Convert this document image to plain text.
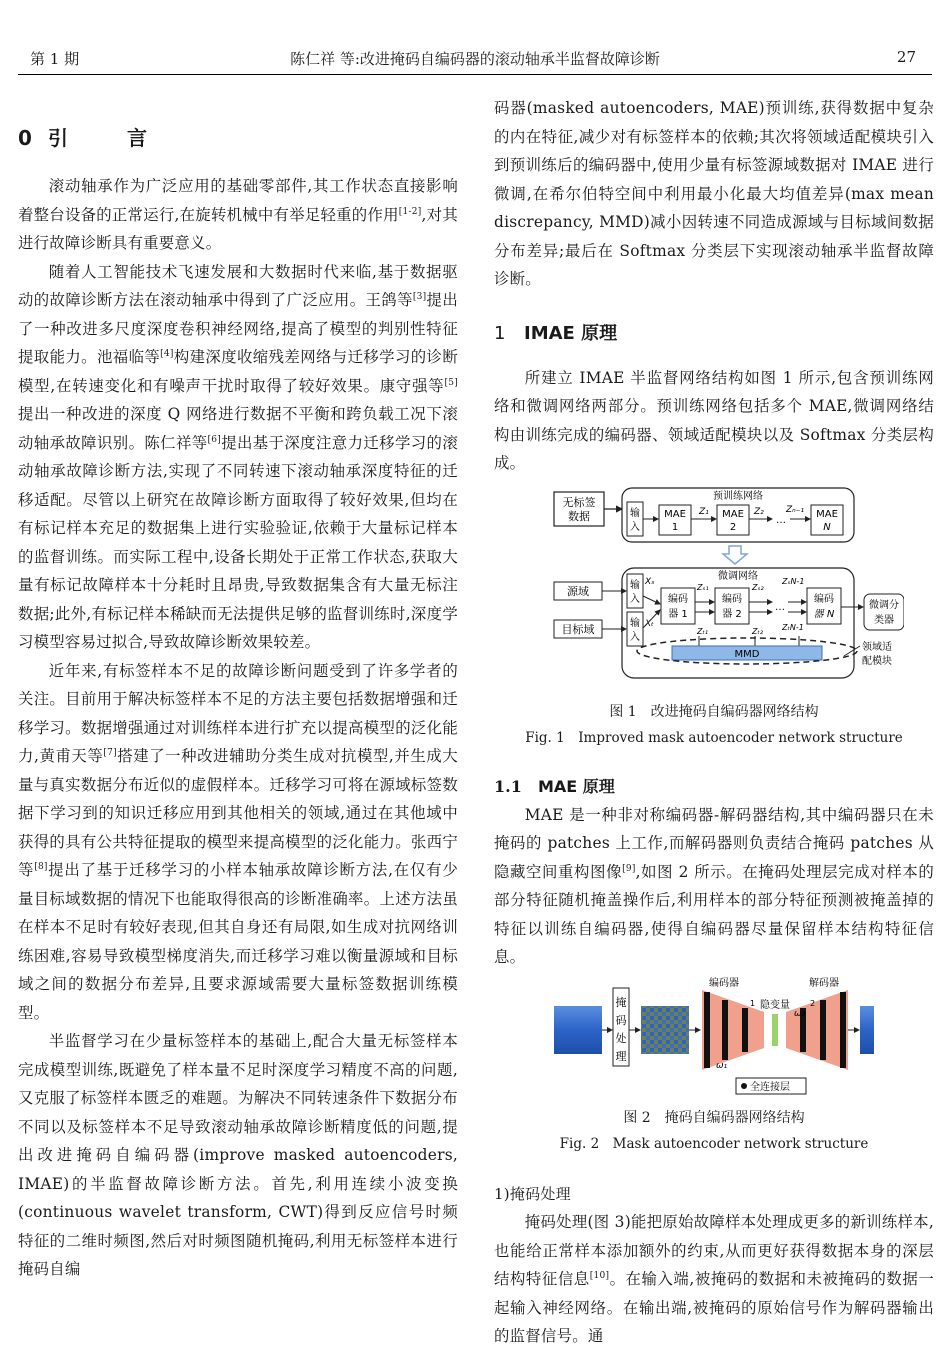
第 1 期	陈仁祥 等:改进掩码自编码器的滚动轴承半监督故障诊断	27
0 引 言

滚动轴承作为广泛应用的基础零部件,其工作状态直接影响着整台设备的正常运行,在旋转机械中有举足轻重的作用[1-2],对其进行故障诊断具有重要意义。

随着人工智能技术飞速发展和大数据时代来临,基于数据驱动的故障诊断方法在滚动轴承中得到了广泛应用。王鸽等[3]提出了一种改进多尺度深度卷积神经网络,提高了模型的判别性特征提取能力。池福临等[4]构建深度收缩残差网络与迁移学习的诊断模型,在转速变化和有噪声干扰时取得了较好效果。康守强等[5]提出一种改进的深度 Q 网络进行数据不平衡和跨负载工况下滚动轴承故障识别。陈仁祥等[6]提出基于深度注意力迁移学习的滚动轴承故障诊断方法,实现了不同转速下滚动轴承深度特征的迁移适配。尽管以上研究在故障诊断方面取得了较好效果,但均在有标记样本充足的数据集上进行实验验证,依赖于大量标记样本的监督训练。而实际工程中,设备长期处于正常工作状态,获取大量有标记故障样本十分耗时且昂贵,导致数据集含有大量无标注数据;此外,有标记样本稀缺而无法提供足够的监督训练时,深度学习模型容易过拟合,导致故障诊断效果较差。

近年来,有标签样本不足的故障诊断问题受到了许多学者的关注。目前用于解决标签样本不足的方法主要包括数据增强和迁移学习。数据增强通过对训练样本进行扩充以提高模型的泛化能力,黄甫天等[7]搭建了一种改进辅助分类生成对抗模型,并生成大量与真实数据分布近似的虚假样本。迁移学习可将在源域标签数据下学习到的知识迁移应用到其他相关的领域,通过在其他域中获得的具有公共特征提取的模型来提高模型的泛化能力。张西宁等[8]提出了基于迁移学习的小样本轴承故障诊断方法,在仅有少量目标域数据的情况下也能取得很高的诊断准确率。上述方法虽在样本不足时有较好表现,但其自身还有局限,如生成对抗网络训练困难,容易导致模型梯度消失,而迁移学习难以衡量源域和目标域之间的数据分布差异,且要求源域需要大量标签数据训练模型。

半监督学习在少量标签样本的基础上,配合大量无标签样本完成模型训练,既避免了样本量不足时深度学习精度不高的问题,又克服了标签样本匮乏的难题。为解决不同转速条件下数据分布不同以及标签样本不足导致滚动轴承故障诊断精度低的问题,提出改进掩码自编码器(improve masked autoencoders, IMAE)的半监督故障诊断方法。首先,利用连续小波变换(continuous wavelet transform, CWT)得到反应信号时频特征的二维时频图,然后对时频图随机掩码,利用无标签样本进行掩码自编

码器(masked autoencoders, MAE)预训练,获得数据中复杂的内在特征,减少对有标签样本的依赖;其次将领域适配模块引入到预训练后的编码器中,使用少量有标签源域数据对 IMAE 进行微调,在希尔伯特空间中利用最小化最大均值差异(max mean discrepancy, MMD)减小因转速不同造成源域与目标域间数据分布差异;最后在 Softmax 分类层下实现滚动轴承半监督故障诊断。

1 IMAE 原理

所建立 IMAE 半监督网络结构如图 1 所示,包含预训练网络和微调网络两部分。预训练网络包括多个 MAE,微调网络结构由训练完成的编码器、领域适配模块以及 Softmax 分类层构成。

无标签
数据
预训练网络
输
入
MAE
1
MAE
2
MAE
N
Z₁	Z₂ Zₙ₋₁
…
微调网络
源域
目标域
输
入
输
入
Xₛ
Xₜ
编码
器 1
编码
器 2
编码
器 N
…
Zₛ₁	Zₛ₂
ZₛN-1
Zₜ₁	Zₜ₂ ZₜN-1
MMD
微调分
类器
领域适
配模块

图 1　改进掩码自编码器网络结构

Fig. 1　Improved mask autoencoder network structure

1.1 MAE 原理

MAE 是一种非对称编码器-解码器结构,其中编码器只在未掩码的 patches 上工作,而解码器则负责结合掩码 patches 从隐藏空间重构图像[9],如图 2 所示。在掩码处理层完成对样本的部分特征随机掩盖操作后,利用样本的部分特征预测被掩盖掉的特征以训练自编码器,使得自编码器尽量保留样本结构特征信息。

掩
码
处
理
编码器
隐变量
解码器
ω₁
ω₂
1	2
全连接层

图 2　掩码自编码器网络结构

Fig. 2　Mask autoencoder network structure

1)掩码处理

掩码处理(图 3)能把原始故障样本处理成更多的新训练样本,也能给正常样本添加额外的约束,从而更好获得数据本身的深层结构特征信息[10]。在输入端,被掩码的数据和未被掩码的数据一起输入神经网络。在输出端,被掩码的原始信号作为解码器输出的监督信号。通
